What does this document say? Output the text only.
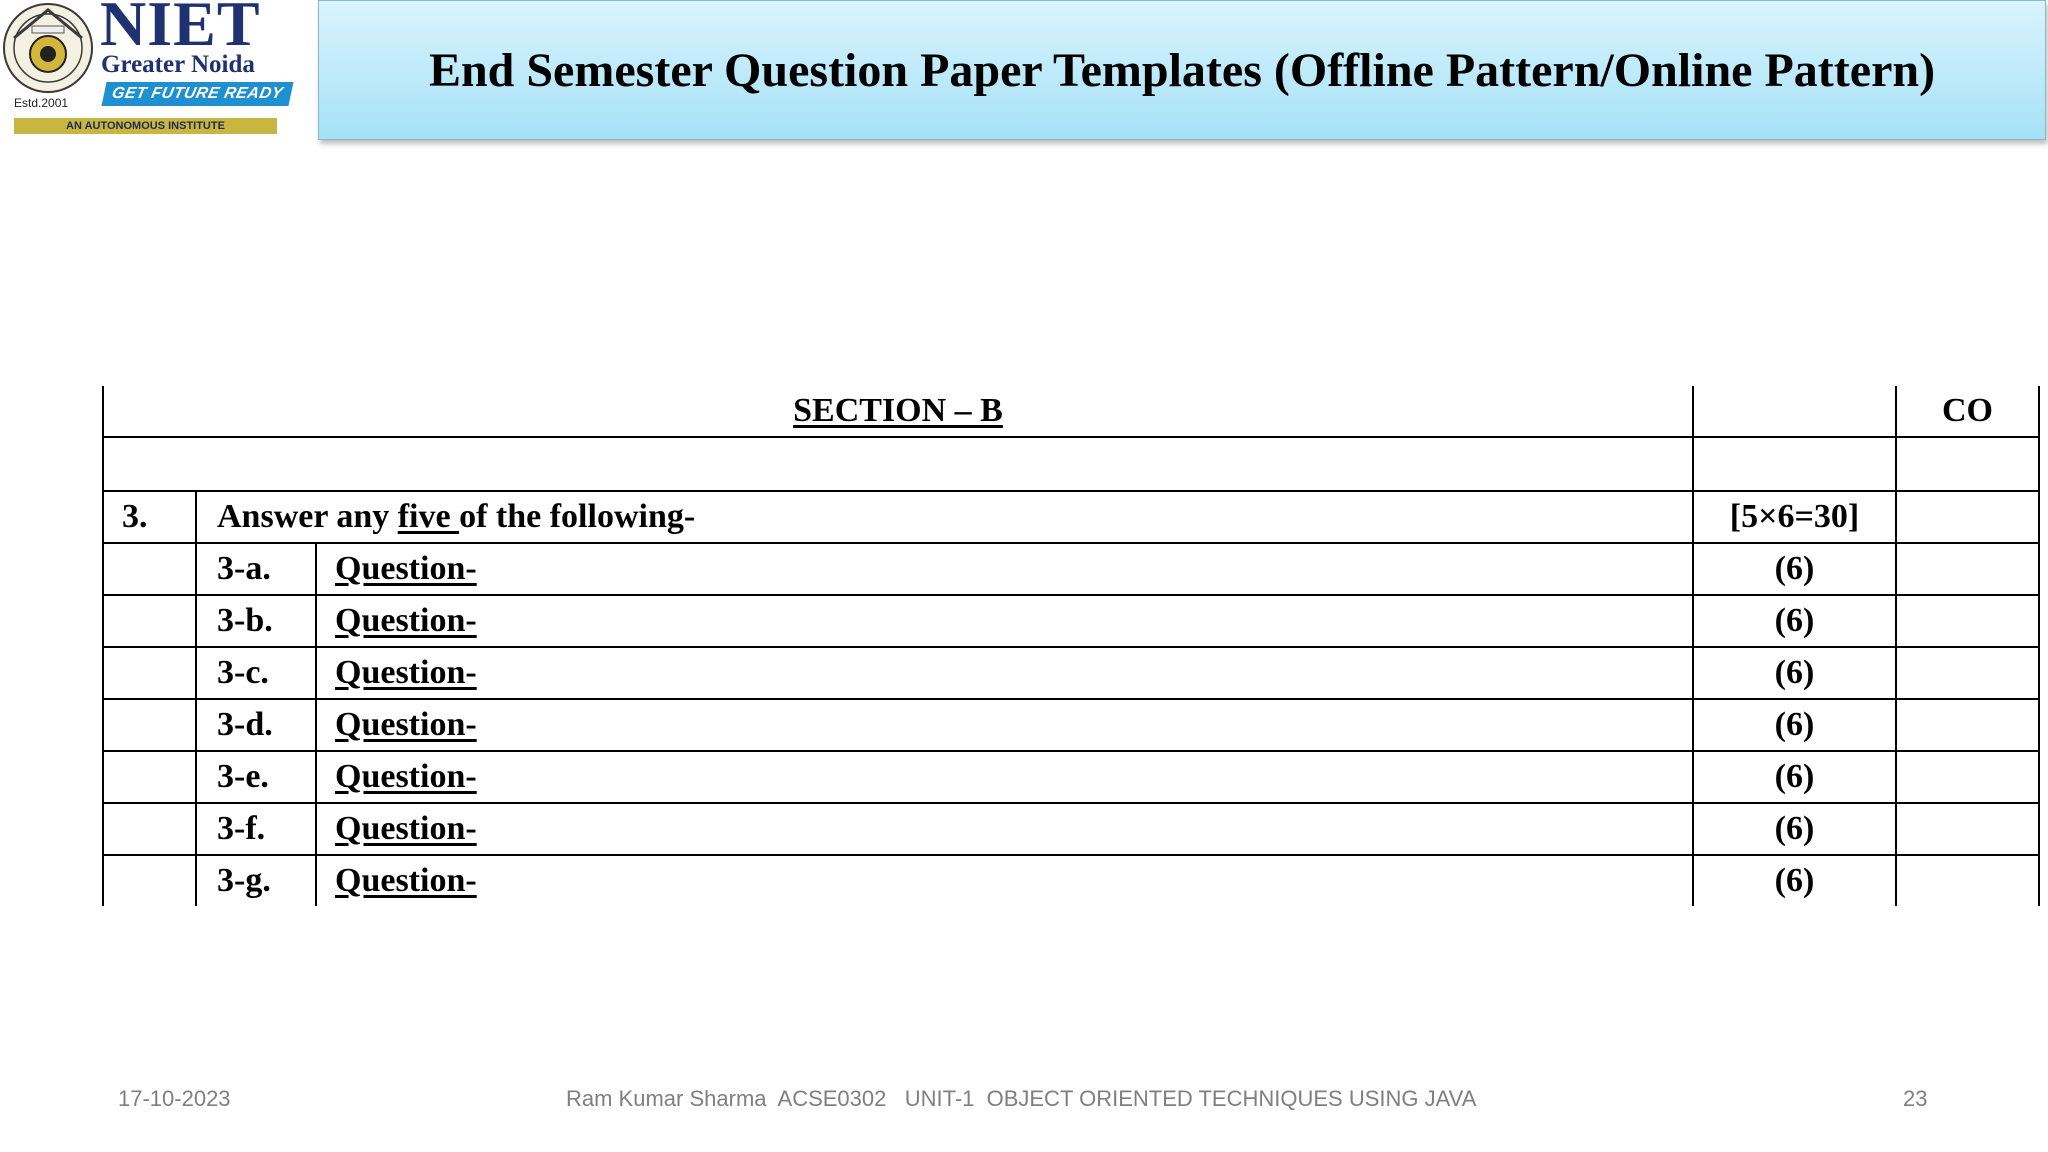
Estd.2001
NIET
Greater Noida
GET FUTURE READY
AN AUTONOMOUS INSTITUTE
End Semester Question Paper Templates (Offline Pattern/Online Pattern)
SECTION – B				CO

3.	Answer any five of the following-		[5×6=30]	
	3-a.	Question-	(6)	
	3-b.	Question-	(6)	
	3-c.	Question-	(6)	
	3-d.	Question-	(6)	
	3-e.	Question-	(6)	
	3-f.	Question-	(6)	
	3-g.	Question-	(6)	
17-10-2023	Ram Kumar Sharma  ACSE0302   UNIT-1  OBJECT ORIENTED TECHNIQUES USING JAVA	23
